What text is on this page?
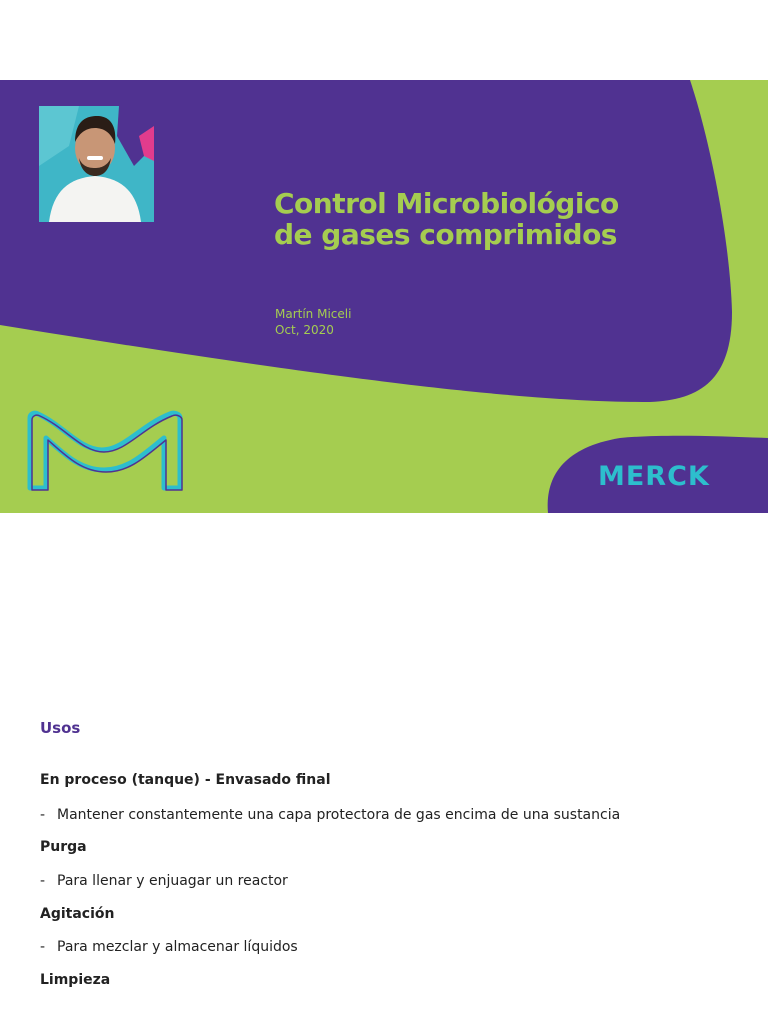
Control Microbiológico
de gases comprimidos
Martín Miceli
Oct, 2020
MERCK
Usos

En proceso (tanque) - Envasado final

- Mantener constantemente una capa protectora de gas encima de una sustancia

Purga

- Para llenar y enjuagar un reactor

Agitación

- Para mezclar y almacenar líquidos

Limpieza
